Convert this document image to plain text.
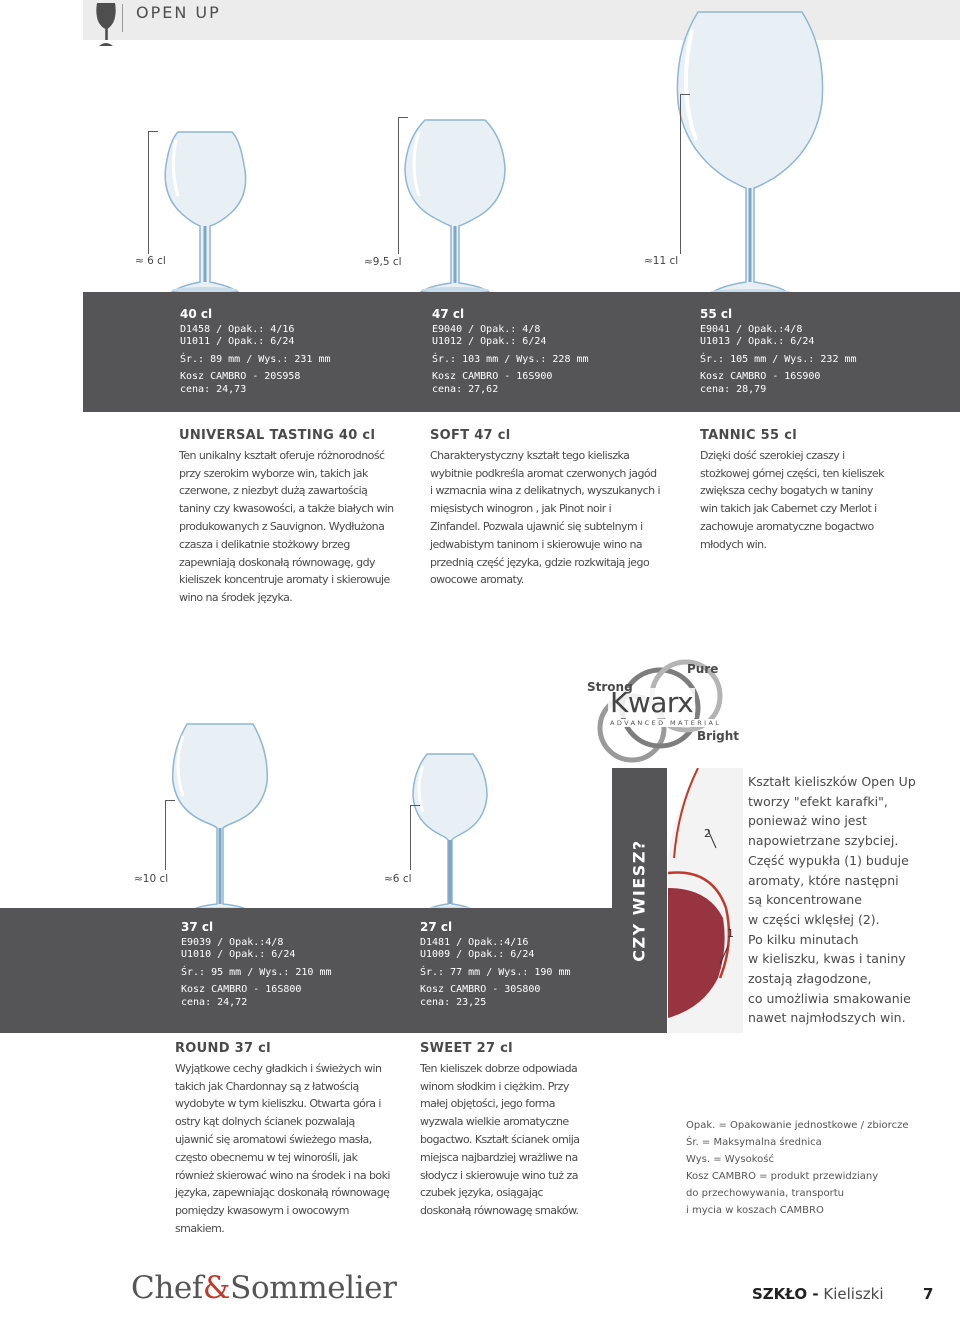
OPEN UP
≈ 6 cl	≈9,5 cl	≈11 cl
40 cl
D1458 / Opak.: 4/16
U1011 / Opak.: 6/24
Śr.: 89 mm / Wys.: 231 mm
Kosz CAMBRO - 20S958
cena: 24,73
47 cl
E9040 / Opak.: 4/8
U1012 / Opak.: 6/24
Śr.: 103 mm / Wys.: 228 mm
Kosz CAMBRO - 16S900
cena: 27,62
55 cl
E9041 / Opak.:4/8
U1013 / Opak.: 6/24
Śr.: 105 mm / Wys.: 232 mm
Kosz CAMBRO - 16S900
cena: 28,79
UNIVERSAL TASTING 40 cl
Ten unikalny kształt oferuje różnorodność przy szerokim wyborze win, takich jak czerwone, z niezbyt dużą zawartością taniny czy kwasowości, a także białych win produkowanych z Sauvignon. Wydłużona czasza i delikatnie stożkowy brzeg zapewniają doskonałą równowagę, gdy kieliszek koncentruje aromaty i skierowuje wino na środek języka.
SOFT 47 cl
Charakterystyczny kształt tego kieliszka wybitnie podkreśla aromat czerwonych jagód i wzmacnia wina z delikatnych, wyszukanych i mięsistych winogron , jak Pinot noir i Zinfandel. Pozwala ujawnić się subtelnym i jedwabistym taninom i skierowuje wino na przednią część języka, gdzie rozkwitają jego owocowe aromaty.
TANNIC 55 cl
Dzięki dość szerokiej czaszy i stożkowej górnej części, ten kieliszek zwiększa cechy bogatych w taniny win takich jak Cabernet czy Merlot i zachowuje aromatyczne bogactwo młodych win.
Kwarx
ADVANCED MATERIAL
Pure
Strong
Bright
≈10 cl	≈6 cl
37 cl
E9039 / Opak.:4/8
U1010 / Opak.: 6/24
Śr.: 95 mm / Wys.: 210 mm
Kosz CAMBRO - 16S800
cena: 24,72
27 cl
D1481 / Opak.:4/16
U1009 / Opak.: 6/24
Śr.: 77 mm / Wys.: 190 mm
Kosz CAMBRO - 30S800
cena: 23,25
ROUND 37 cl
Wyjątkowe cechy gładkich i świeżych win takich jak Chardonnay są z łatwością wydobyte w tym kieliszku. Otwarta góra i ostry kąt dolnych ścianek pozwalają ujawnić się aromatowi świeżego masła, często obecnemu w tej winorośli, jak również skierować wino na środek i na boki języka, zapewniając doskonałą równowagę pomiędzy kwasowym i owocowym smakiem.
SWEET 27 cl
Ten kieliszek dobrze odpowiada winom słodkim i ciężkim. Przy małej objętości, jego forma wyzwala wielkie aromatyczne bogactwo. Kształt ścianek omija miejsca najbardziej wrażliwe na słodycz i skierowuje wino tuż za czubek języka, osiągając doskonałą równowagę smaków.
CZY WIESZ?
2
1
Kształt kieliszków Open Up
tworzy "efekt karafki",
ponieważ wino jest
napowietrzane szybciej.
Część wypukła (1) buduje
aromaty, które następni
są koncentrowane
w części wklęsłej (2).
Po kilku minutach
w kieliszku, kwas i taniny
zostają złagodzone,
co umożliwia smakowanie
nawet najmłodszych win.
Opak. = Opakowanie jednostkowe / zbiorcze
Śr. = Maksymalna średnica
Wys. = Wysokość
Kosz CAMBRO = produkt przewidziany
do przechowywania, transportu
i mycia w koszach CAMBRO
Chef&Sommelier	SZKŁO - Kieliszki	7
